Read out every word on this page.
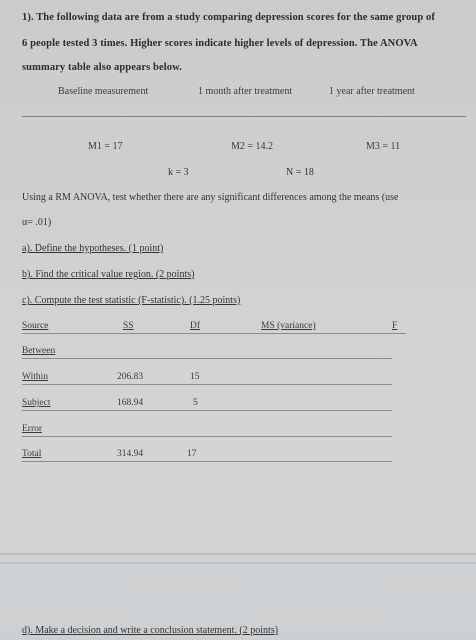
1). The following data are from a study comparing depression scores for the same group of
6 people tested 3 times. Higher scores indicate higher levels of depression. The ANOVA
summary table also appears below.
Baseline measurement	1 month after treatment	1 year after treatment
M1 = 17	M2 = 14.2	M3 = 11
k = 3	N = 18
Using a RM ANOVA, test whether there are any significant differences among the means (use
α= .01)
a). Define the hypotheses. (1 point)
b). Find the critical value region. (2 points)
c). Compute the test statistic (F-statistic). (1.25 points)
Source	SS	Df	MS (variance)	F
Between
Within	206.83	15
Subject	168.94	5
Error
Total	314.94	17
d). Make a decision and write a conclusion statement. (2 points)
